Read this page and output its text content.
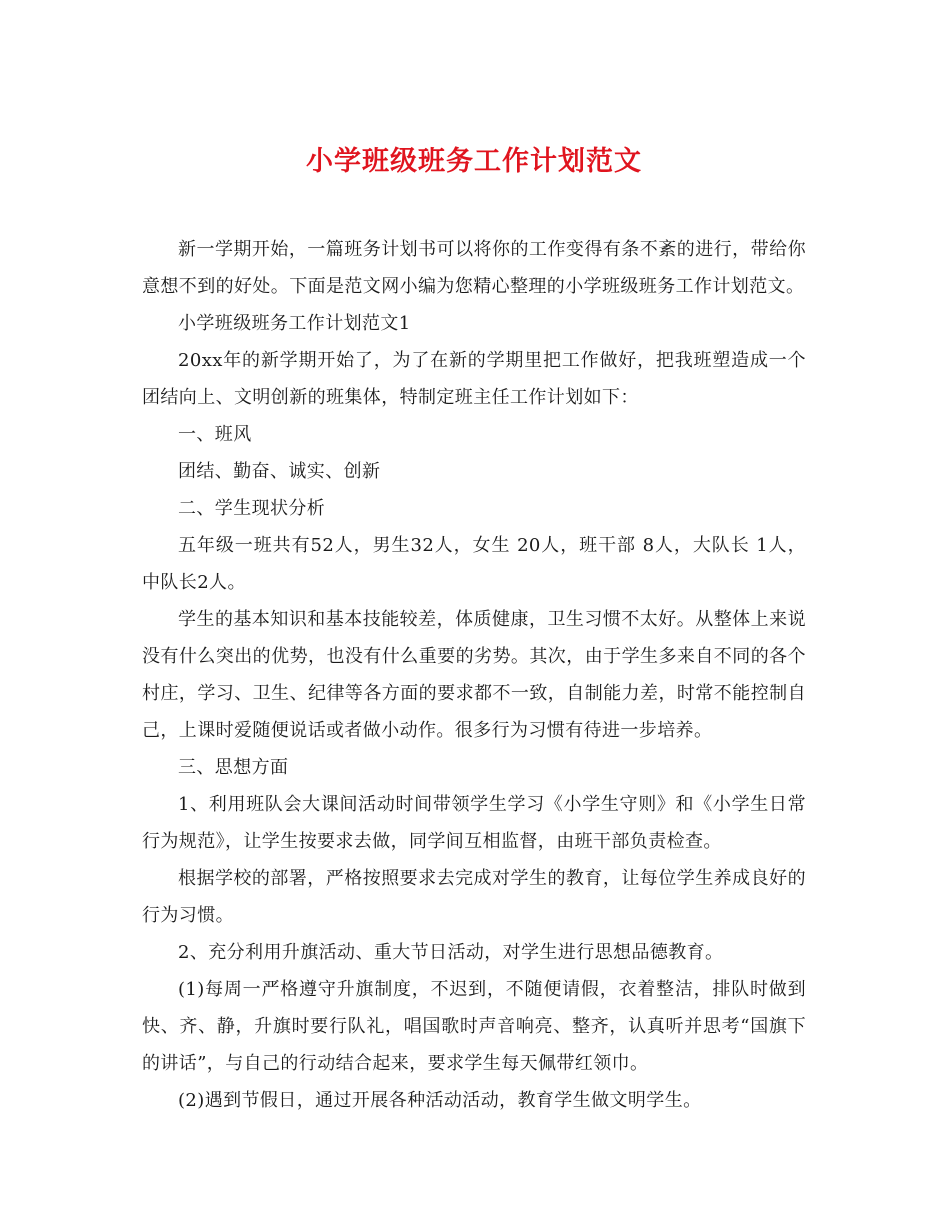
小学班级班务工作计划范文

新一学期开始，一篇班务计划书可以将你的工作变得有条不紊的进行，带给你意想不到的好处。下面是范文网小编为您精心整理的小学班级班务工作计划范文。

小学班级班务工作计划范文1

20xx年的新学期开始了，为了在新的学期里把工作做好，把我班塑造成一个团结向上、文明创新的班集体，特制定班主任工作计划如下：

一、班风

团结、勤奋、诚实、创新

二、学生现状分析

五年级一班共有52人，男生32人，女生 20人，班干部 8人，大队长 1人，中队长2人。

学生的基本知识和基本技能较差，体质健康，卫生习惯不太好。从整体上来说没有什么突出的优势，也没有什么重要的劣势。其次，由于学生多来自不同的各个村庄，学习、卫生、纪律等各方面的要求都不一致，自制能力差，时常不能控制自己，上课时爱随便说话或者做小动作。很多行为习惯有待进一步培养。

三、思想方面

1、利用班队会大课间活动时间带领学生学习《小学生守则》和《小学生日常行为规范》，让学生按要求去做，同学间互相监督，由班干部负责检查。

根据学校的部署，严格按照要求去完成对学生的教育，让每位学生养成良好的行为习惯。

2、充分利用升旗活动、重大节日活动，对学生进行思想品德教育。

(1)每周一严格遵守升旗制度，不迟到，不随便请假，衣着整洁，排队时做到快、齐、静，升旗时要行队礼，唱国歌时声音响亮、整齐，认真听并思考“国旗下的讲话”，与自己的行动结合起来，要求学生每天佩带红领巾。

(2)遇到节假日，通过开展各种活动活动，教育学生做文明学生。
